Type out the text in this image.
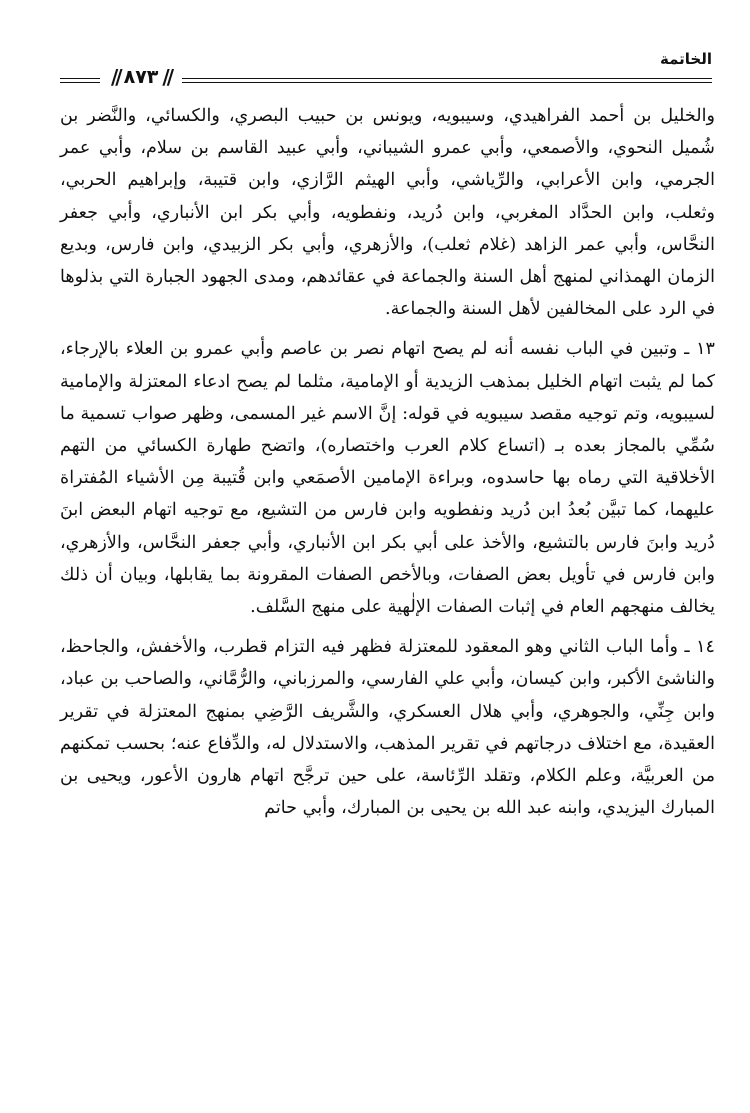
// ٨٧٣ //
الخاتمة

والخليل بن أحمد الفراهيدي، وسيبويه، ويونس بن حبيب البصري، والكسائي، والنَّضر بن شُميل النحوي، والأصمعي، وأبي عمرو الشيباني، وأبي عبيد القاسم بن سلام، وأبي عمر الجرمي، وابن الأعرابي، والرِّياشي، وأبي الهيثم الرَّازي، وابن قتيبة، وإبراهيم الحربي، وثعلب، وابن الحدَّاد المغربي، وابن دُريد، ونفطويه، وأبي بكر ابن الأنباري، وأبي جعفر النحَّاس، وأبي عمر الزاهد (غلام ثعلب)، والأزهري، وأبي بكر الزبيدي، وابن فارس، وبديع الزمان الهمذاني لمنهج أهل السنة والجماعة في عقائدهم، ومدى الجهود الجبارة التي بذلوها في الرد على المخالفين لأهل السنة والجماعة.

١٣ ـ وتبين في الباب نفسه أنه لم يصح اتهام نصر بن عاصم وأبي عمرو بن العلاء بالإرجاء، كما لم يثبت اتهام الخليل بمذهب الزيدية أو الإمامية، مثلما لم يصح ادعاء المعتزلة والإمامية لسيبويه، وتم توجيه مقصد سيبويه في قوله: إنَّ الاسم غير المسمى، وظهر صواب تسمية ما سُمِّي بالمجاز بعده بـ (اتساع كلام العرب واختصاره)، واتضح طهارة الكسائي من التهم الأخلاقية التي رماه بها حاسدوه، وبراءة الإمامين الأصمَعي وابن قُتيبة مِن الأشياء المُفتراة عليهما، كما تبيَّن بُعدُ ابن دُريد ونفطويه وابن فارس من التشيع، مع توجيه اتهام البعض ابنَ دُريد وابنَ فارس بالتشيع، والأخذ على أبي بكر ابن الأنباري، وأبي جعفر النحَّاس، والأزهري، وابن فارس في تأويل بعض الصفات، وبالأخص الصفات المقرونة بما يقابلها، وبيان أن ذلك يخالف منهجهم العام في إثبات الصفات الإلٰهية على منهج السَّلف.

١٤ ـ وأما الباب الثاني وهو المعقود للمعتزلة فظهر فيه التزام قطرب، والأخفش، والجاحظ، والناشئ الأكبر، وابن كيسان، وأبي علي الفارسي، والمرزباني، والرُّمَّاني، والصاحب بن عباد، وابن جِنِّي، والجوهري، وأبي هلال العسكري، والشَّريف الرَّضِي بمنهج المعتزلة في تقرير العقيدة، مع اختلاف درجاتهم في تقرير المذهب، والاستدلال له، والدِّفاع عنه؛ بحسب تمكنهم من العربيَّة، وعلم الكلام، وتقلد الرِّئاسة، على حين ترجَّح اتهام هارون الأعور، ويحيى بن المبارك اليزيدي، وابنه عبد الله بن يحيى بن المبارك، وأبي حاتم
